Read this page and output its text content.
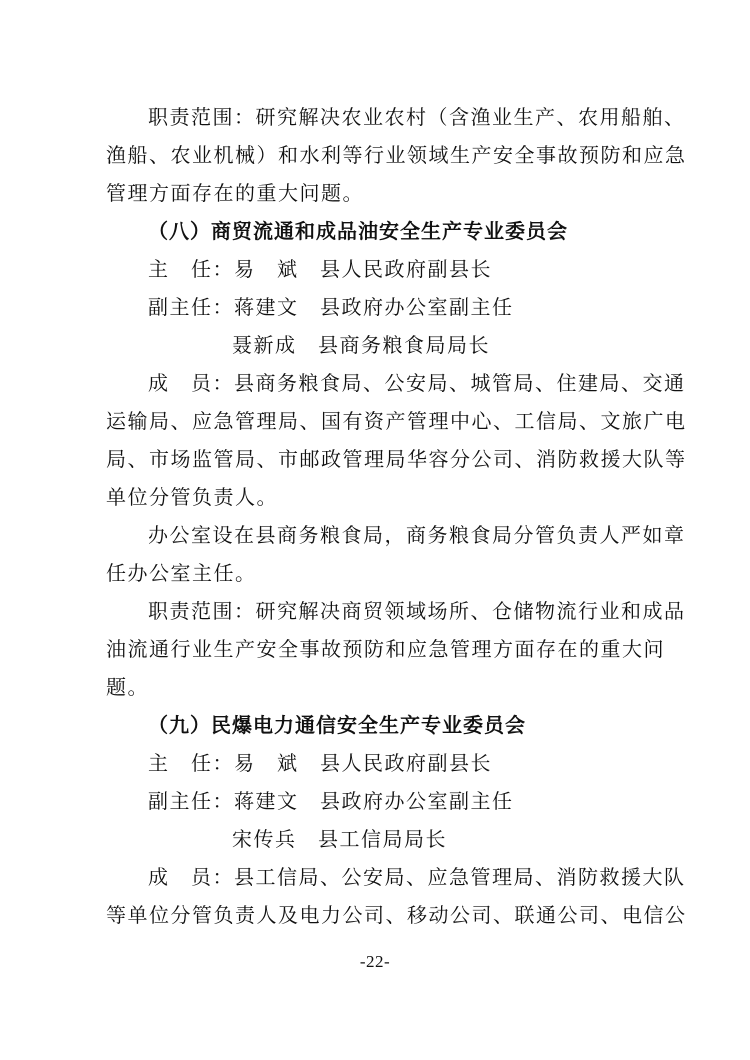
职责范围：研究解决农业农村（含渔业生产、农用船舶、
渔船、农业机械）和水利等行业领域生产安全事故预防和应急
管理方面存在的重大问题。
（八）商贸流通和成品油安全生产专业委员会
主　任：易　斌　县人民政府副县长
副主任：蒋建文　县政府办公室副主任
聂新成　县商务粮食局局长
成　员：县商务粮食局、公安局、城管局、住建局、交通
运输局、应急管理局、国有资产管理中心、工信局、文旅广电
局、市场监管局、市邮政管理局华容分公司、消防救援大队等
单位分管负责人。
办公室设在县商务粮食局，商务粮食局分管负责人严如章
任办公室主任。
职责范围：研究解决商贸领域场所、仓储物流行业和成品
油流通行业生产安全事故预防和应急管理方面存在的重大问
题。
（九）民爆电力通信安全生产专业委员会
主　任：易　斌　县人民政府副县长
副主任：蒋建文　县政府办公室副主任
宋传兵　县工信局局长
成　员：县工信局、公安局、应急管理局、消防救援大队
等单位分管负责人及电力公司、移动公司、联通公司、电信公
-22-
